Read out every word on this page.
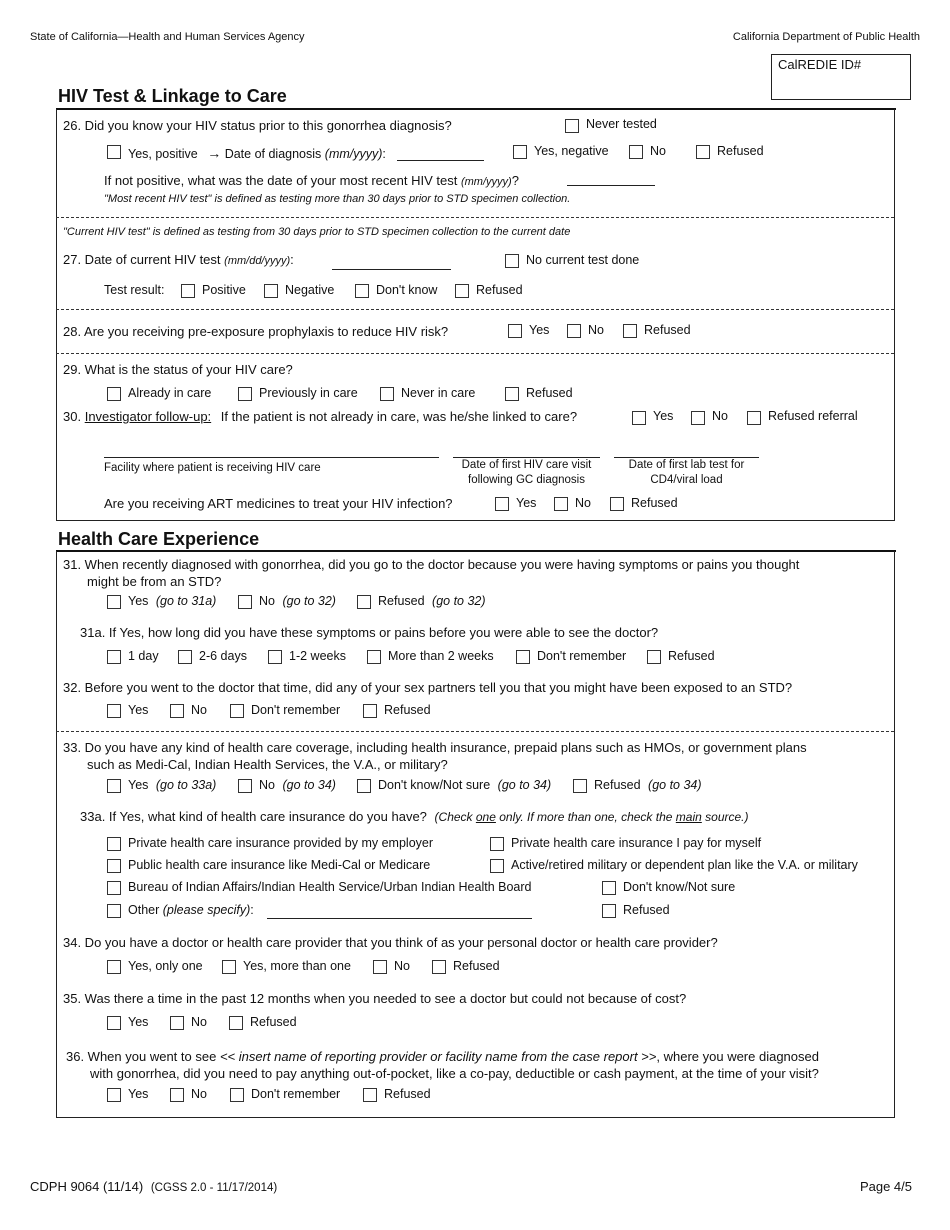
State of California—Health and Human Services Agency	California Department of Public Health
CalREDIE ID#
HIV Test & Linkage to Care
26. Did you know your HIV status prior to this gonorrhea diagnosis?	Never tested
Yes, positive → Date of diagnosis (mm/yyyy):	Yes, negative	No	Refused
If not positive, what was the date of your most recent HIV test (mm/yyyy)?
"Most recent HIV test" is defined as testing more than 30 days prior to STD specimen collection.
"Current HIV test" is defined as testing from 30 days prior to STD specimen collection to the current date
27. Date of current HIV test (mm/dd/yyyy):	No current test done
Test result:	Positive	Negative	Don't know	Refused
28. Are you receiving pre-exposure prophylaxis to reduce HIV risk?	Yes	No	Refused
29. What is the status of your HIV care?
Already in care	Previously in care	Never in care	Refused
30. Investigator follow-up: If the patient is not already in care, was he/she linked to care?	Yes	No	Refused referral
Facility where patient is receiving HIV care	Date of first HIV care visit
following GC diagnosis
Date of first lab test for
CD4/viral load
Are you receiving ART medicines to treat your HIV infection?	Yes	No	Refused
Health Care Experience
31. When recently diagnosed with gonorrhea, did you go to the doctor because you were having symptoms or pains you thought
might be from an STD?
Yes (go to 31a)	No (go to 32)	Refused (go to 32)
31a. If Yes, how long did you have these symptoms or pains before you were able to see the doctor?
1 day	2-6 days	1-2 weeks	More than 2 weeks	Don't remember	Refused
32. Before you went to the doctor that time, did any of your sex partners tell you that you might have been exposed to an STD?
Yes	No	Don't remember	Refused
33. Do you have any kind of health care coverage, including health insurance, prepaid plans such as HMOs, or government plans
such as Medi-Cal, Indian Health Services, the V.A., or military?
Yes (go to 33a)	No (go to 34)	Don't know/Not sure (go to 34)	Refused (go to 34)
33a. If Yes, what kind of health care insurance do you have? (Check one only. If more than one, check the main source.)
Private health care insurance provided by my employer	Private health care insurance I pay for myself
Public health care insurance like Medi-Cal or Medicare	Active/retired military or dependent plan like the V.A. or military
Bureau of Indian Affairs/Indian Health Service/Urban Indian Health Board	Don't know/Not sure
Other (please specify):	Refused
34. Do you have a doctor or health care provider that you think of as your personal doctor or health care provider?
Yes, only one	Yes, more than one	No	Refused
35. Was there a time in the past 12 months when you needed to see a doctor but could not because of cost?
Yes	No	Refused
36. When you went to see << insert name of reporting provider or facility name from the case report >>, where you were diagnosed
with gonorrhea, did you need to pay anything out-of-pocket, like a co-pay, deductible or cash payment, at the time of your visit?
Yes	No	Don't remember	Refused
CDPH 9064 (11/14) (CGSS 2.0 - 11/17/2014)	Page 4/5
